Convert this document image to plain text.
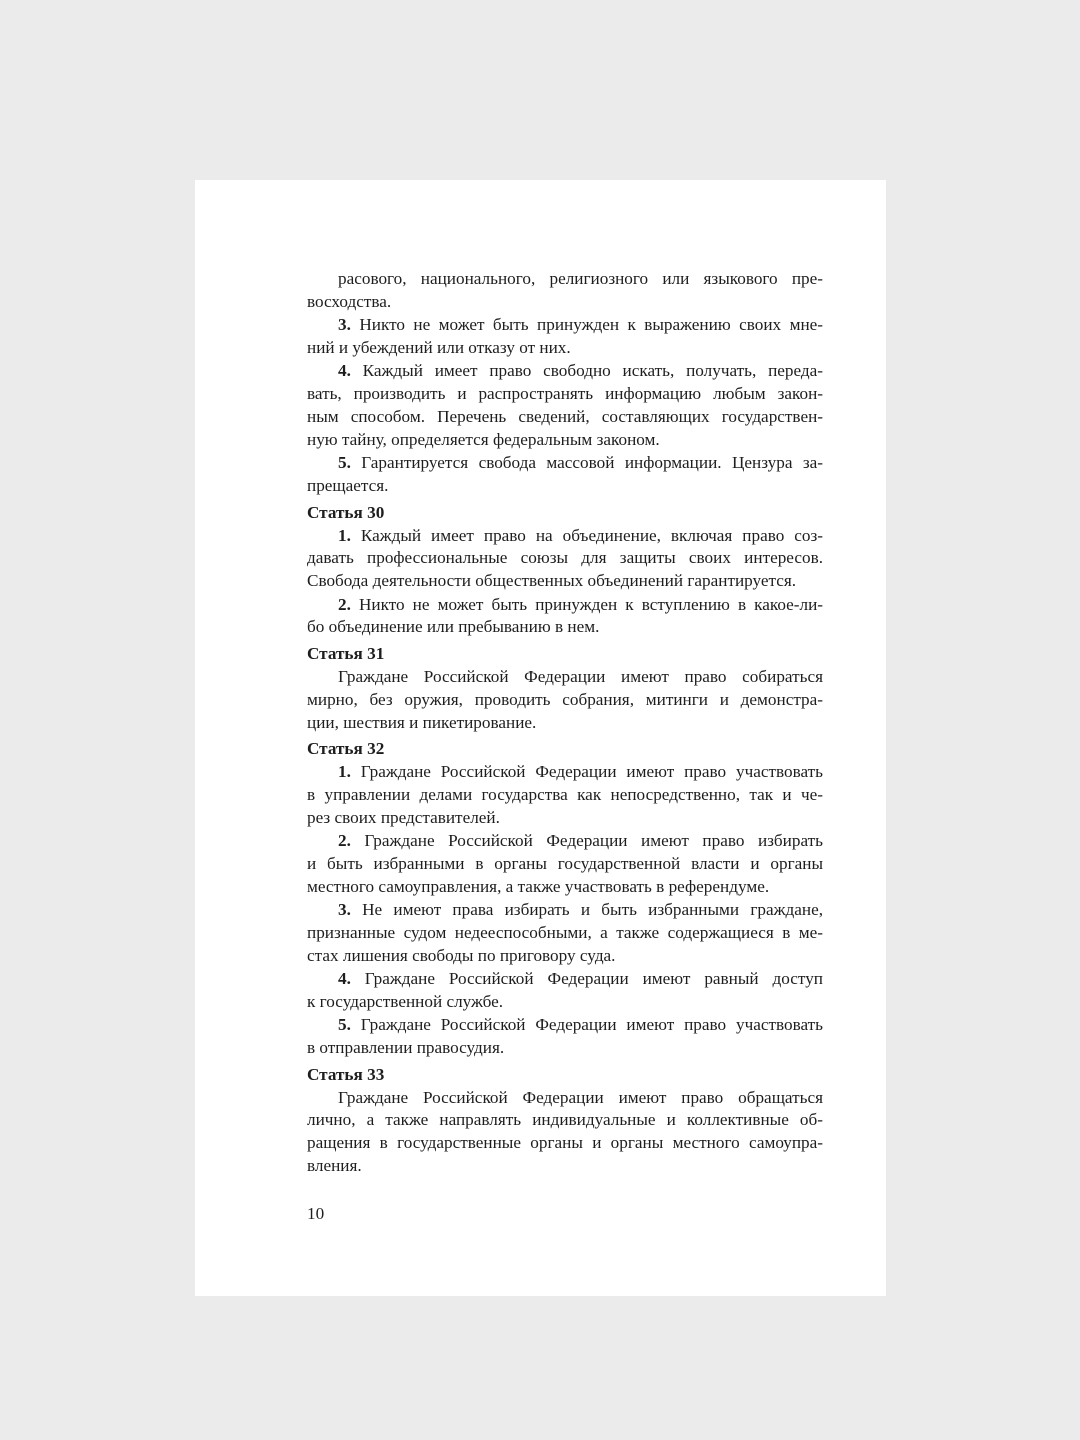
расового, национального, религиозного или языкового пре-
восходства.
3. Никто не может быть принужден к выражению своих мне-
ний и убеждений или отказу от них.
4. Каждый имеет право свободно искать, получать, переда-
вать, производить и распространять информацию любым закон-
ным способом. Перечень сведений, составляющих государствен-
ную тайну, определяется федеральным законом.
5. Гарантируется свобода массовой информации. Цензура за-
прещается.
Статья 30
1. Каждый имеет право на объединение, включая право соз-
давать профессиональные союзы для защиты своих интересов.
Свобода деятельности общественных объединений гарантируется.
2. Никто не может быть принужден к вступлению в какое-ли-
бо объединение или пребыванию в нем.
Статья 31
Граждане Российской Федерации имеют право собираться
мирно, без оружия, проводить собрания, митинги и демонстра-
ции, шествия и пикетирование.
Статья 32
1. Граждане Российской Федерации имеют право участвовать
в управлении делами государства как непосредственно, так и че-
рез своих представителей.
2. Граждане Российской Федерации имеют право избирать
и быть избранными в органы государственной власти и органы
местного самоуправления, а также участвовать в референдуме.
3. Не имеют права избирать и быть избранными граждане,
признанные судом недееспособными, а также содержащиеся в ме-
стах лишения свободы по приговору суда.
4. Граждане Российской Федерации имеют равный доступ
к государственной службе.
5. Граждане Российской Федерации имеют право участвовать
в отправлении правосудия.
Статья 33
Граждане Российской Федерации имеют право обращаться
лично, а также направлять индивидуальные и коллективные об-
ращения в государственные органы и органы местного самоупра-
вления.
10
